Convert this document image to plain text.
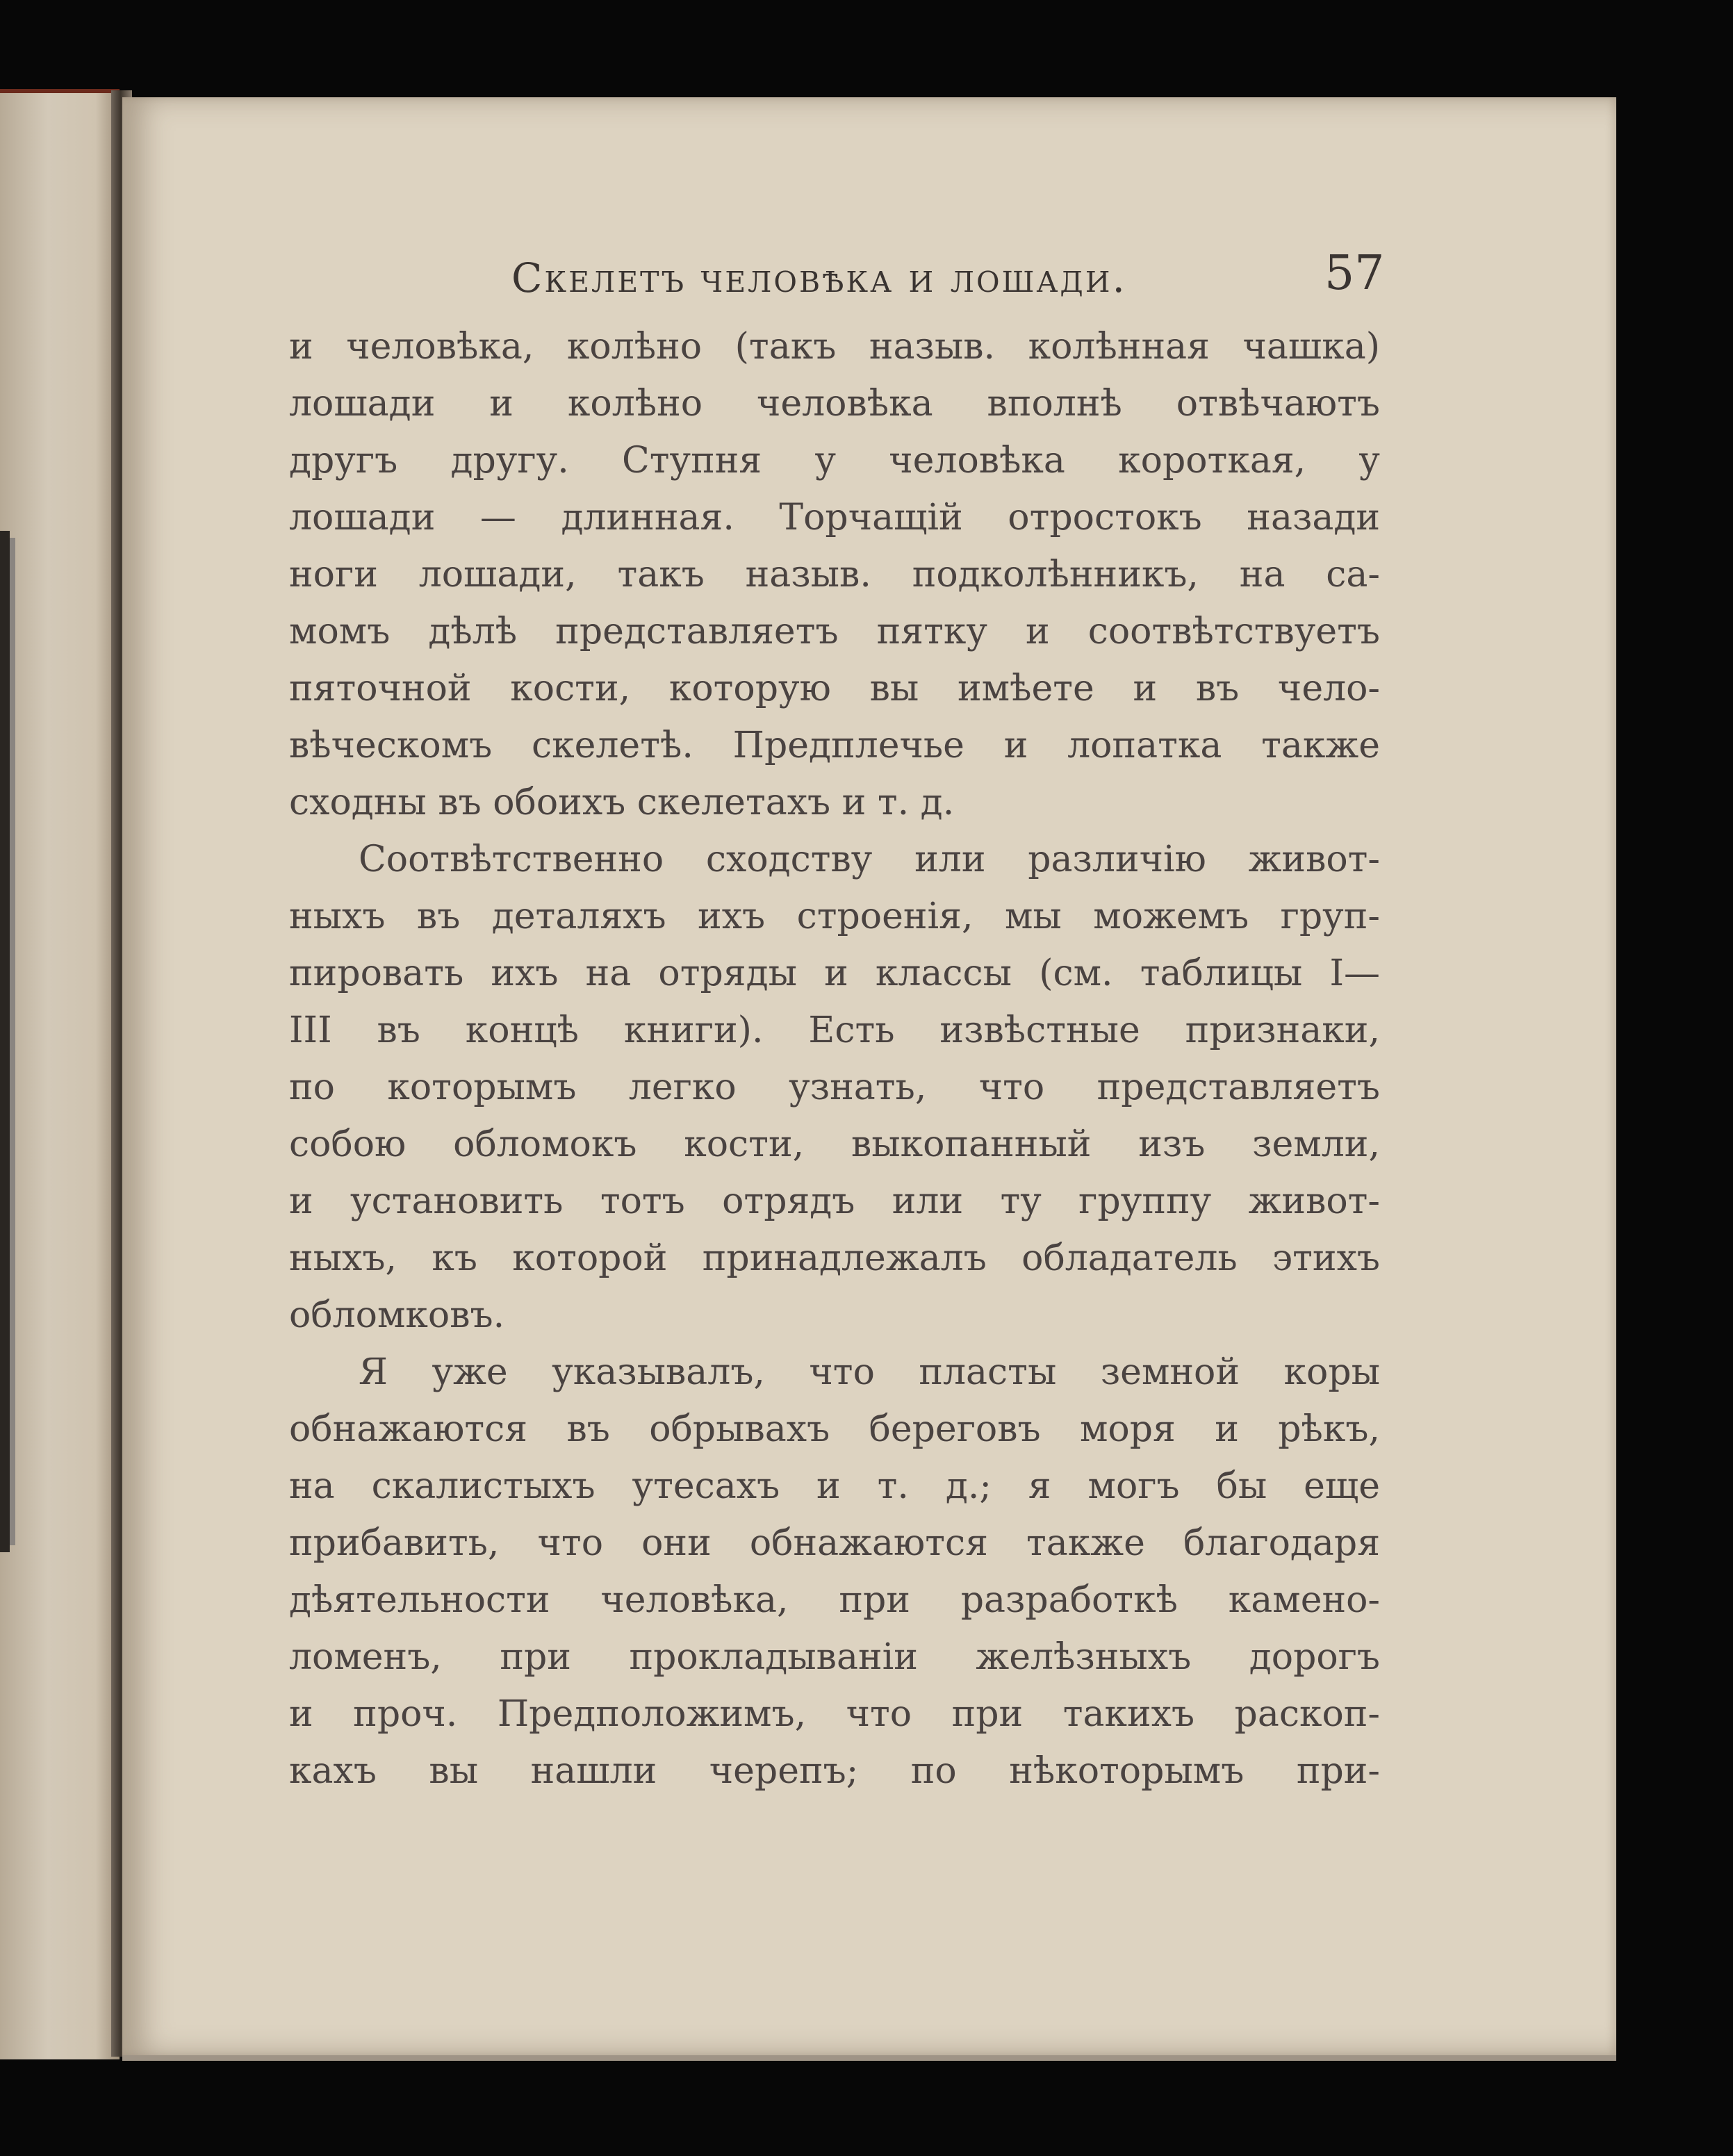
Скелетъ человѣка и лошади.	57
и человѣка, колѣно (такъ назыв. колѣнная чашка)
лошади и колѣно человѣка вполнѣ отвѣчаютъ
другъ другу. Ступня у человѣка короткая, у
лошади — длинная. Торчащій отростокъ назади
ноги лошади, такъ назыв. подколѣнникъ, на са-
момъ дѣлѣ представляетъ пятку и соотвѣтствуетъ
пяточной кости, которую вы имѣете и въ чело-
вѣческомъ скелетѣ. Предплечье и лопатка также
сходны въ обоихъ скелетахъ и т. д.
Соотвѣтственно сходству или различію живот-
ныхъ въ деталяхъ ихъ строенія, мы можемъ груп-
пировать ихъ на отряды и классы (см. таблицы I—
III въ концѣ книги). Есть извѣстные признаки,
по которымъ легко узнать, что представляетъ
собою обломокъ кости, выкопанный изъ земли,
и установить тотъ отрядъ или ту группу живот-
ныхъ, къ которой принадлежалъ обладатель этихъ
обломковъ.
Я уже указывалъ, что пласты земной коры
обнажаются въ обрывахъ береговъ моря и рѣкъ,
на скалистыхъ утесахъ и т. д.; я могъ бы еще
прибавить, что они обнажаются также благодаря
дѣятельности человѣка, при разработкѣ камено-
ломенъ, при прокладываніи желѣзныхъ дорогъ
и проч. Предположимъ, что при такихъ раскоп-
кахъ вы нашли черепъ; по нѣкоторымъ при-
